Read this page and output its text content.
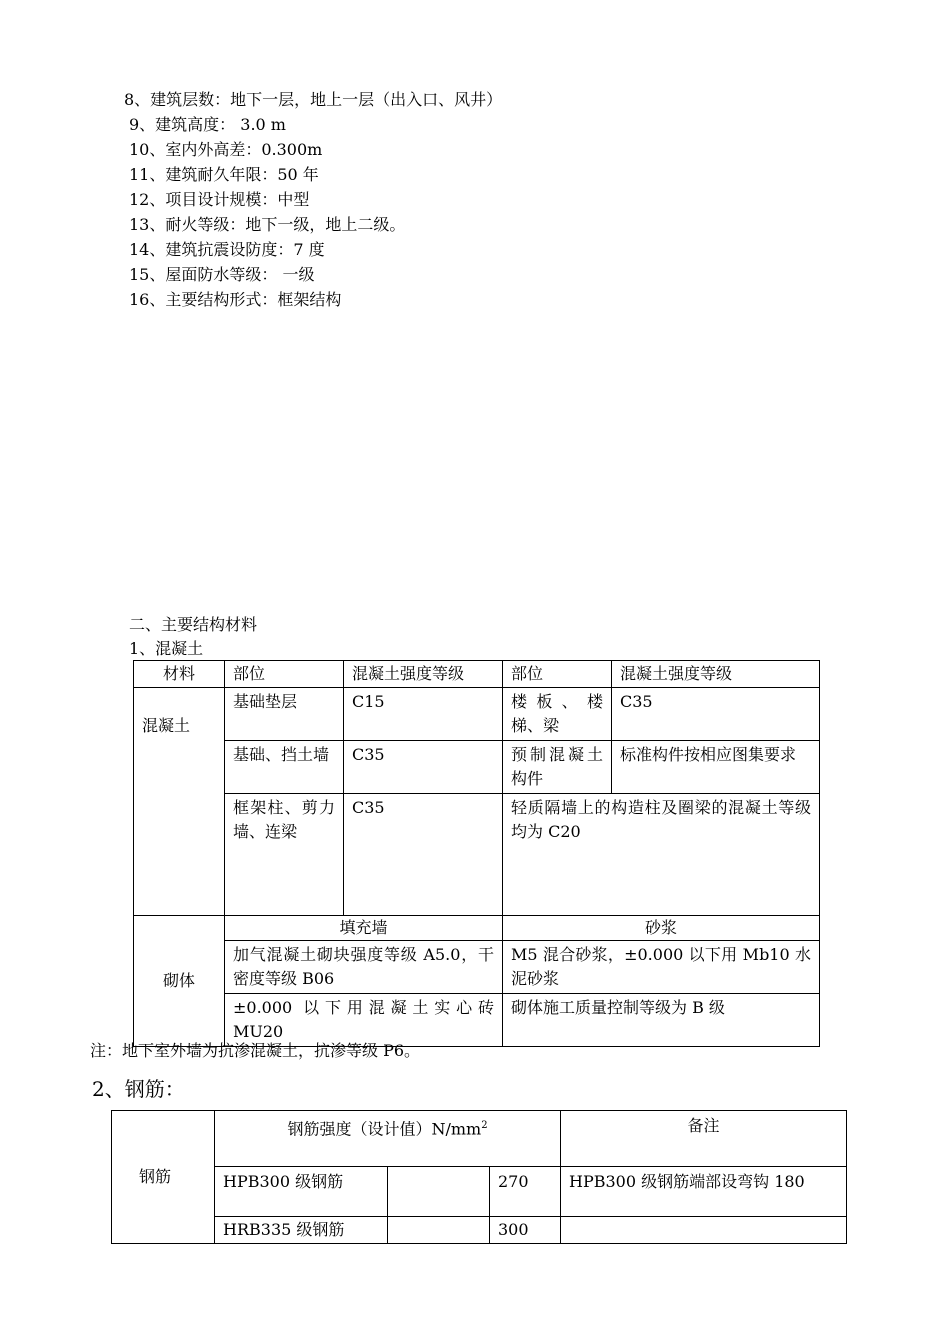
8、建筑层数：地下一层，地上一层（出入口、风井）
9、建筑高度： 3.0 m
10、室内外高差：0.300m
11、建筑耐久年限：50 年
12、项目设计规模：中型
13、耐火等级：地下一级，地上二级。
14、建筑抗震设防度：7 度
15、屋面防水等级： 一级
16、主要结构形式：框架结构
二、主要结构材料
1、混凝土
材料	部位	混凝土强度等级	部位	混凝土强度等级
混凝土	基础垫层	C15	楼板、楼梯、梁	C35
	基础、挡土墙	C35	预制混凝土构件	标准构件按相应图集要求
	框架柱、剪力墙、连梁	C35	轻质隔墙上的构造柱及圈梁的混凝土等级均为 C20	
砌体	填充墙		砂浆	
	加气混凝土砌块强度等级 A5.0，干密度等级 B06		M5 混合砂浆，±0.000 以下用 Mb10 水泥砂浆	
	±0.000 以下用混凝土实心砖 MU20		砌体施工质量控制等级为 B 级	
注：地下室外墙为抗渗混凝土，抗渗等级 P6。
2、钢筋：
钢筋	钢筋强度（设计值）$N/mm^2$			备注
	HPB300 级钢筋		270	HPB300 级钢筋端部设弯钩 180
	HRB335 级钢筋		300	
